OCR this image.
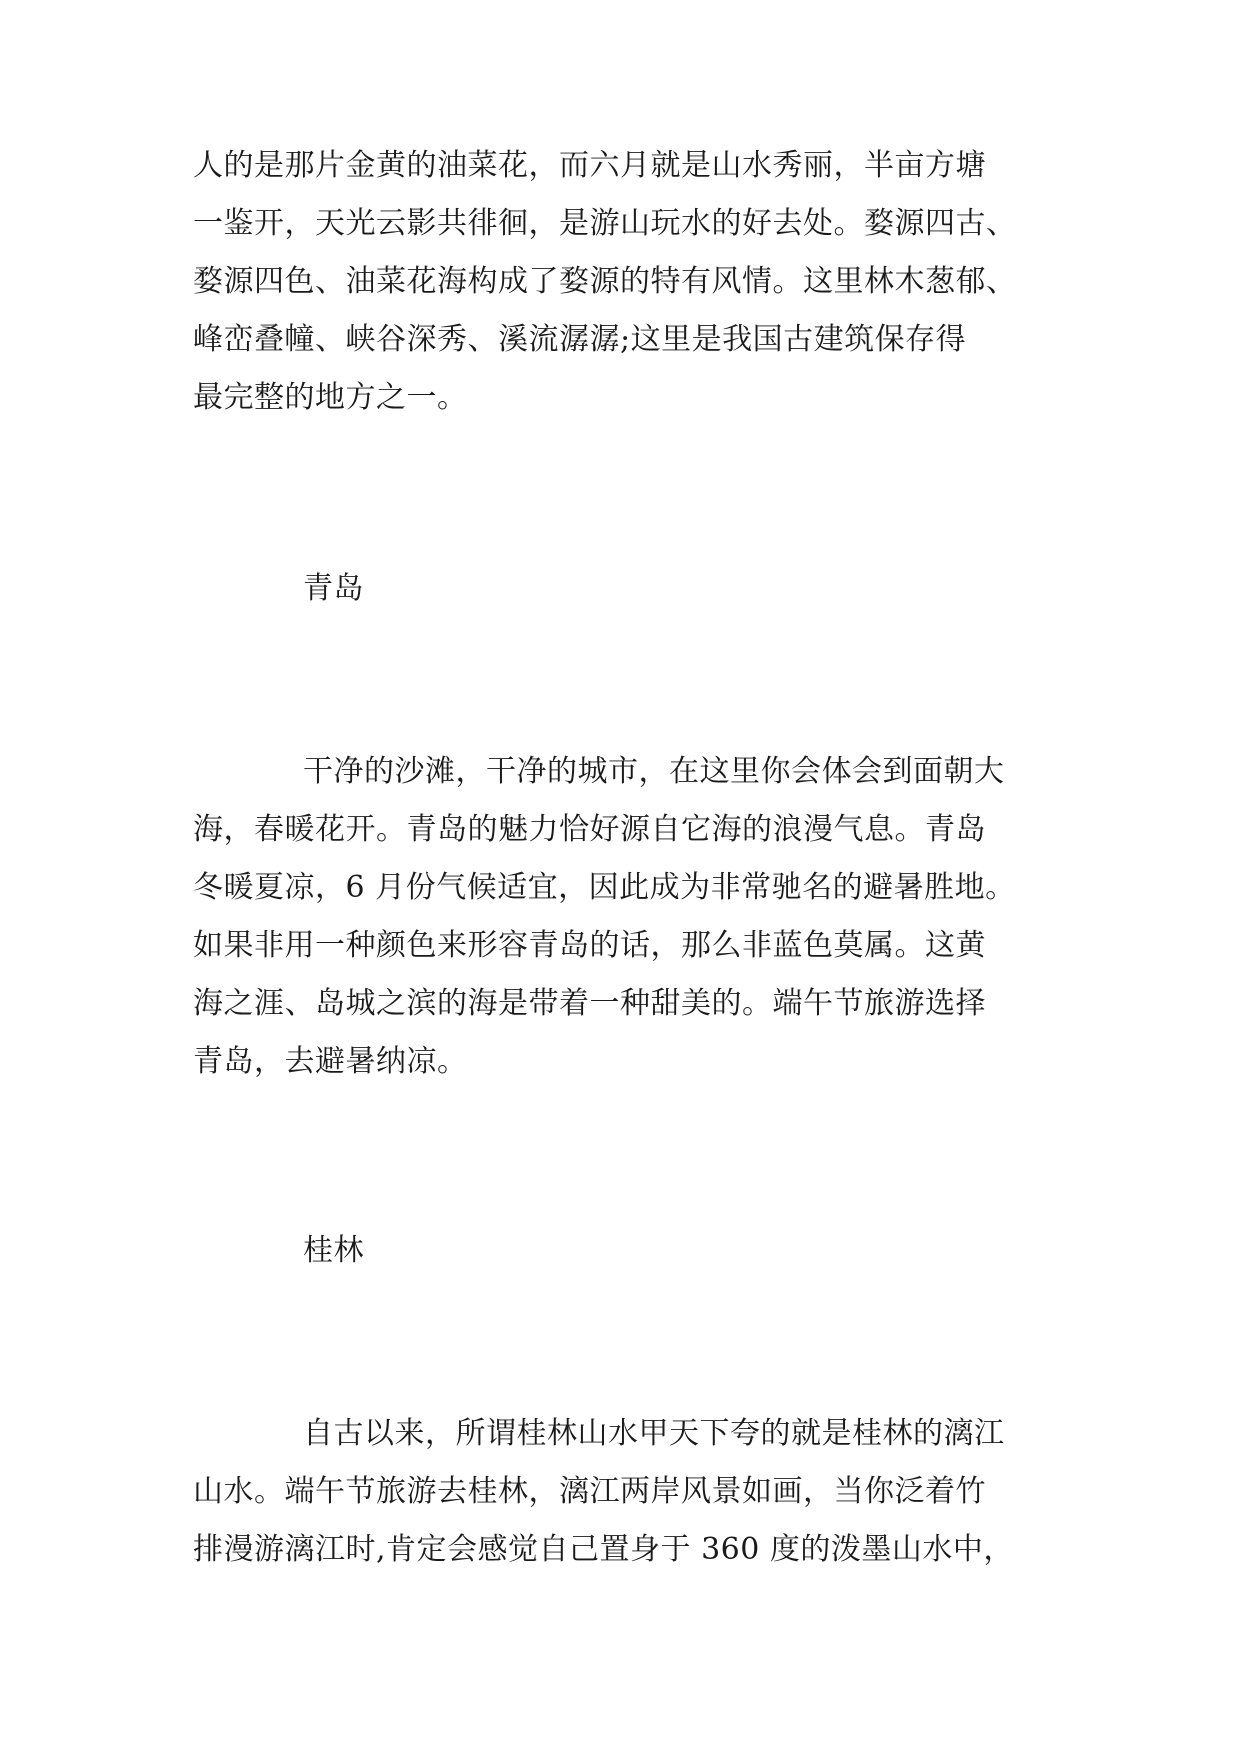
人的是那片金黄的油菜花，而六月就是山水秀丽，半亩方塘
一鉴开，天光云影共徘徊，是游山玩水的好去处。婺源四古、
婺源四色、油菜花海构成了婺源的特有风情。这里林木葱郁、
峰峦叠幢、峡谷深秀、溪流潺潺;这里是我国古建筑保存得
最完整的地方之一。
青岛
干净的沙滩，干净的城市，在这里你会体会到面朝大
海，春暖花开。青岛的魅力恰好源自它海的浪漫气息。青岛
冬暖夏凉，6 月份气候适宜，因此成为非常驰名的避暑胜地。
如果非用一种颜色来形容青岛的话，那么非蓝色莫属。这黄
海之涯、岛城之滨的海是带着一种甜美的。端午节旅游选择
青岛，去避暑纳凉。
桂林
自古以来，所谓桂林山水甲天下夸的就是桂林的漓江
山水。端午节旅游去桂林，漓江两岸风景如画，当你泛着竹
排漫游漓江时,肯定会感觉自己置身于 360 度的泼墨山水中，
